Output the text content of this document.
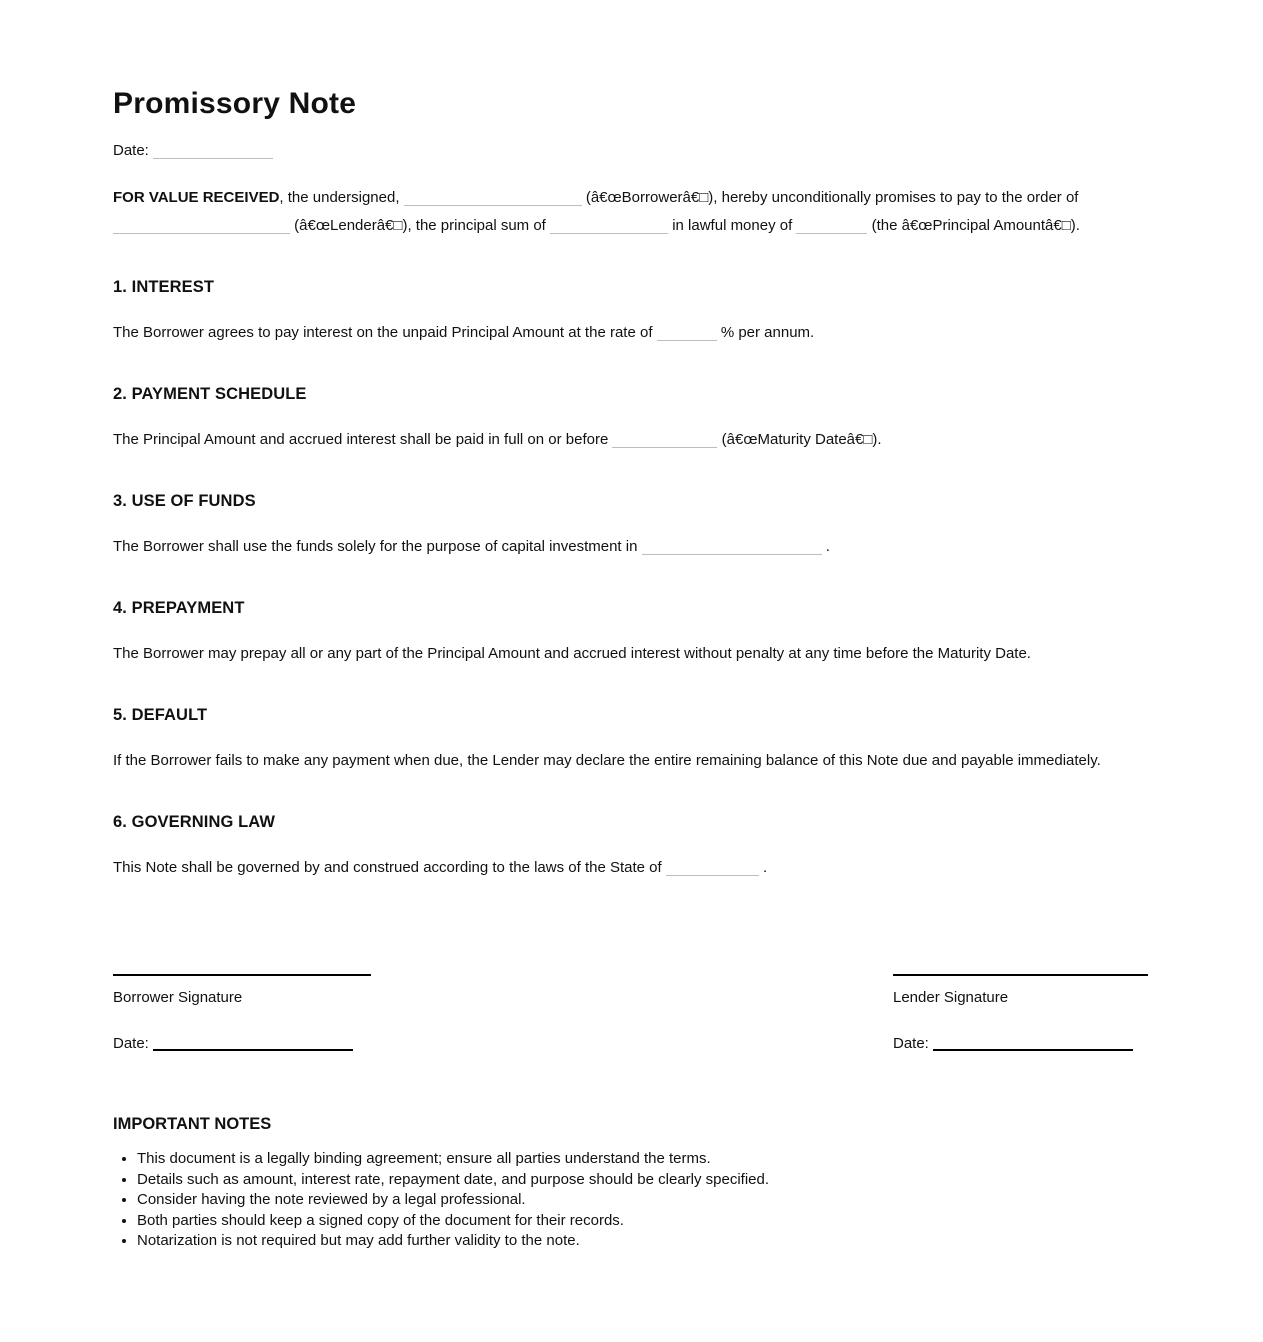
Promissory Note
Date:

FOR VALUE RECEIVED, the undersigned,	(â€œBorrowerâ€□), hereby unconditionally promises to pay to the order of  (â€œLenderâ€□), the principal sum of	in lawful money of	(the â€œPrincipal Amountâ€□).

1. INTEREST

The Borrower agrees to pay interest on the unpaid Principal Amount at the rate of	% per annum.

2. PAYMENT SCHEDULE

The Principal Amount and accrued interest shall be paid in full on or before	(â€œMaturity Dateâ€□).

3. USE OF FUNDS

The Borrower shall use the funds solely for the purpose of capital investment in	.

4. PREPAYMENT

The Borrower may prepay all or any part of the Principal Amount and accrued interest without penalty at any time before the Maturity Date.

5. DEFAULT

If the Borrower fails to make any payment when due, the Lender may declare the entire remaining balance of this Note due and payable immediately.

6. GOVERNING LAW

This Note shall be governed by and construed according to the laws of the State of	.

Borrower Signature
Date:
Lender Signature
Date:
IMPORTANT NOTES
• This document is a legally binding agreement; ensure all parties understand the terms.
• Details such as amount, interest rate, repayment date, and purpose should be clearly specified.
• Consider having the note reviewed by a legal professional.
• Both parties should keep a signed copy of the document for their records.
• Notarization is not required but may add further validity to the note.
